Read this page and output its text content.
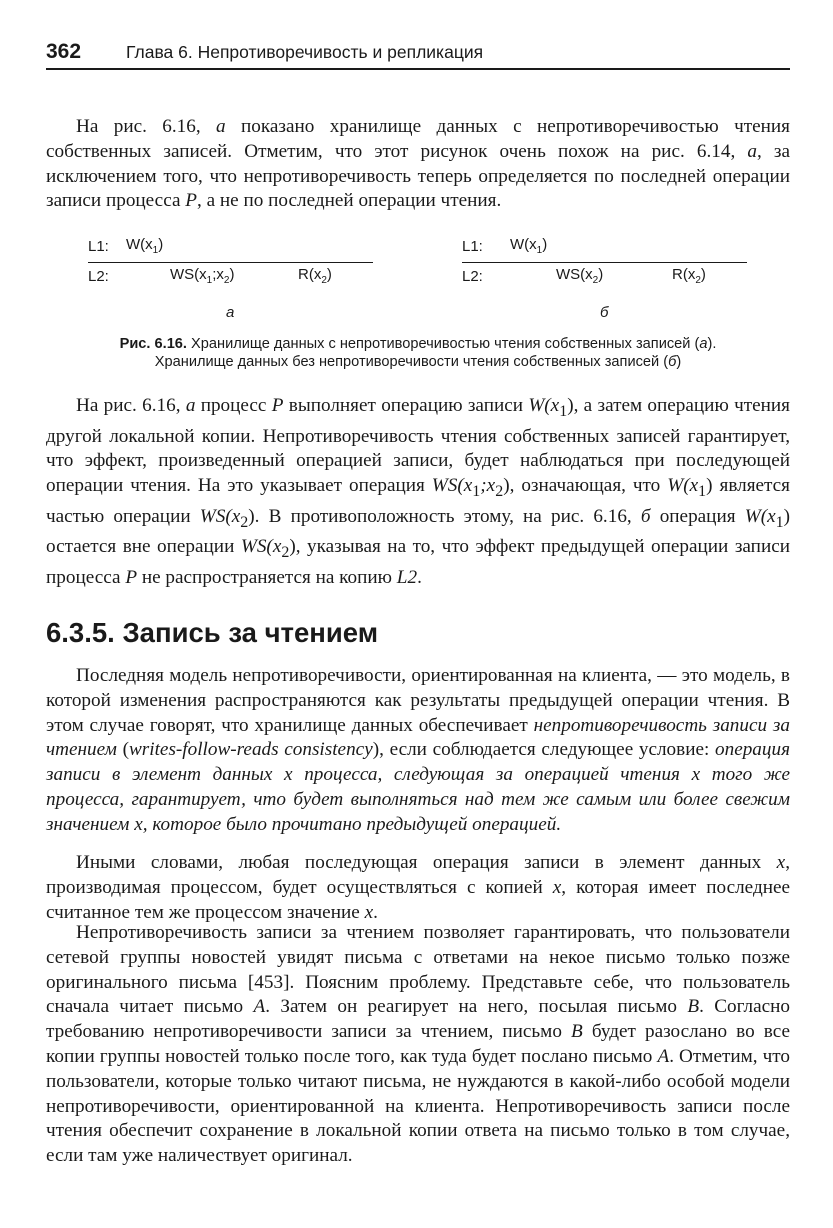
362	Глава 6. Непротиворечивость и репликация

На рис. 6.16, а показано хранилище данных с непротиворечивостью чтения собственных записей. Отметим, что этот рисунок очень похож на рис. 6.14, а, за исключением того, что непротиворечивость теперь определяется по последней операции записи процесса P, а не по последней операции чтения.

L1: $W(x_1)$
L2:	$WS(x_1;x_2)$	$R(x_2)$
а
L1: $W(x_1)$
L2:	$WS(x_2)$	$R(x_2)$
б

Рис. 6.16. Хранилище данных с непротиворечивостью чтения собственных записей (а).
Хранилище данных без непротиворечивости чтения собственных записей (б)

На рис. 6.16, а процесс P выполняет операцию записи $W(x_1)$, а затем операцию чтения другой локальной копии. Непротиворечивость чтения собственных записей гарантирует, что эффект, произведенный операцией записи, будет наблюдаться при последующей операции чтения. На это указывает операция $WS(x_1;x_2)$, означающая, что $W(x_1)$ является частью операции $WS(x_2)$. В противоположность этому, на рис. 6.16, б операция $W(x_1)$ остается вне операции $WS(x_2)$, указывая на то, что эффект предыдущей операции записи процесса P не распространяется на копию L2.

6.3.5. Запись за чтением

Последняя модель непротиворечивости, ориентированная на клиента, — это модель, в которой изменения распространяются как результаты предыдущей операции чтения. В этом случае говорят, что хранилище данных обеспечивает непротиворечивость записи за чтением (writes-follow-reads consistency), если соблюдается следующее условие: операция записи в элемент данных x процесса, следующая за операцией чтения x того же процесса, гарантирует, что будет выполняться над тем же самым или более свежим значением x, которое было прочитано предыдущей операцией.

Иными словами, любая последующая операция записи в элемент данных x, производимая процессом, будет осуществляться с копией x, которая имеет последнее считанное тем же процессом значение x.

Непротиворечивость записи за чтением позволяет гарантировать, что пользователи сетевой группы новостей увидят письма с ответами на некое письмо только позже оригинального письма [453]. Поясним проблему. Представьте себе, что пользователь сначала читает письмо A. Затем он реагирует на него, посылая письмо B. Согласно требованию непротиворечивости записи за чтением, письмо B будет разослано во все копии группы новостей только после того, как туда будет послано письмо A. Отметим, что пользователи, которые только читают письма, не нуждаются в какой-либо особой модели непротиворечивости, ориентированной на клиента. Непротиворечивость записи после чтения обеспечит сохранение в локальной копии ответа на письмо только в том случае, если там уже наличествует оригинал.
